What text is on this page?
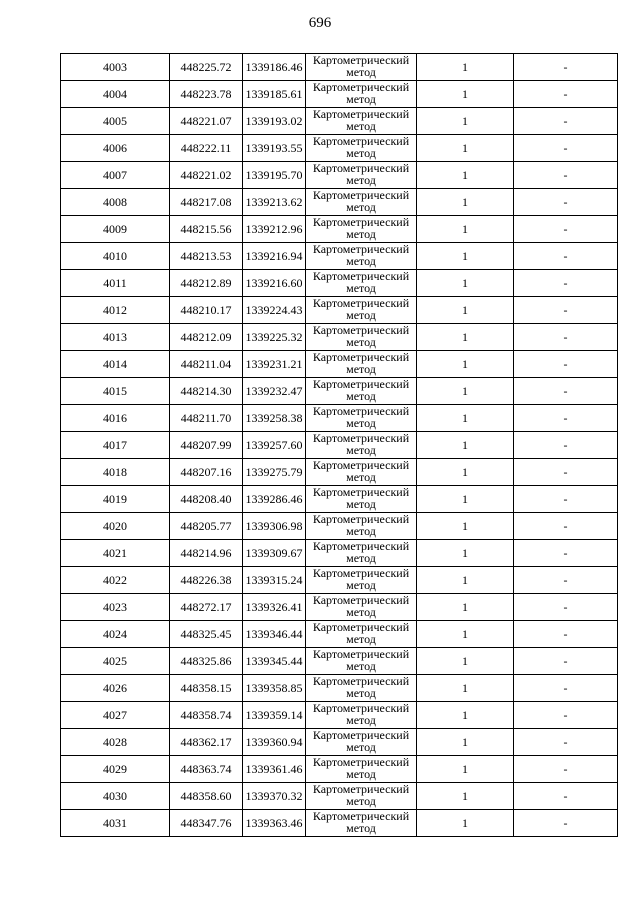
696
4003	448225.72	1339186.46	Картометрический метод	1	-
4004	448223.78	1339185.61	Картометрический метод	1	-
4005	448221.07	1339193.02	Картометрический метод	1	-
4006	448222.11	1339193.55	Картометрический метод	1	-
4007	448221.02	1339195.70	Картометрический метод	1	-
4008	448217.08	1339213.62	Картометрический метод	1	-
4009	448215.56	1339212.96	Картометрический метод	1	-
4010	448213.53	1339216.94	Картометрический метод	1	-
4011	448212.89	1339216.60	Картометрический метод	1	-
4012	448210.17	1339224.43	Картометрический метод	1	-
4013	448212.09	1339225.32	Картометрический метод	1	-
4014	448211.04	1339231.21	Картометрический метод	1	-
4015	448214.30	1339232.47	Картометрический метод	1	-
4016	448211.70	1339258.38	Картометрический метод	1	-
4017	448207.99	1339257.60	Картометрический метод	1	-
4018	448207.16	1339275.79	Картометрический метод	1	-
4019	448208.40	1339286.46	Картометрический метод	1	-
4020	448205.77	1339306.98	Картометрический метод	1	-
4021	448214.96	1339309.67	Картометрический метод	1	-
4022	448226.38	1339315.24	Картометрический метод	1	-
4023	448272.17	1339326.41	Картометрический метод	1	-
4024	448325.45	1339346.44	Картометрический метод	1	-
4025	448325.86	1339345.44	Картометрический метод	1	-
4026	448358.15	1339358.85	Картометрический метод	1	-
4027	448358.74	1339359.14	Картометрический метод	1	-
4028	448362.17	1339360.94	Картометрический метод	1	-
4029	448363.74	1339361.46	Картометрический метод	1	-
4030	448358.60	1339370.32	Картометрический метод	1	-
4031	448347.76	1339363.46	Картометрический метод	1	-
